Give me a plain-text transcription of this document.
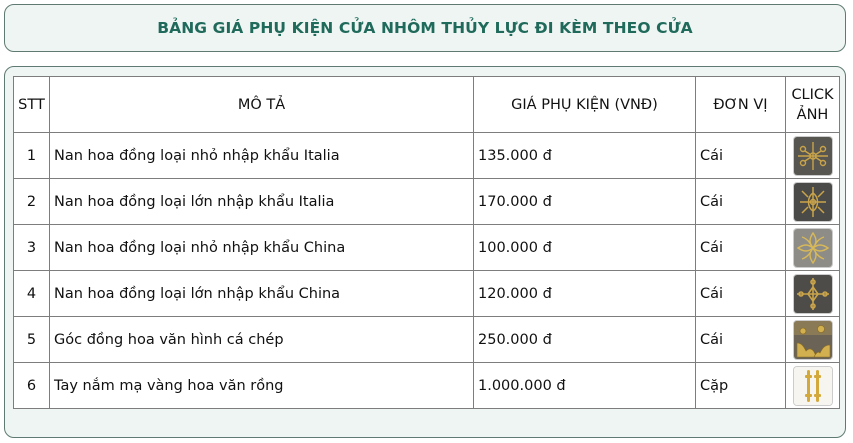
BẢNG GIÁ PHỤ KIỆN CỬA NHÔM THỦY LỰC ĐI KÈM THEO CỬA
STT	MÔ TẢ	GIÁ PHỤ KIỆN (VNĐ)	ĐƠN VỊ	CLICK
ẢNH
1	Nan hoa đồng loại nhỏ nhập khẩu Italia	135.000 đ	Cái	

2	Nan hoa đồng loại lớn nhập khẩu Italia	170.000 đ	Cái	

3	Nan hoa đồng loại nhỏ nhập khẩu China	100.000 đ	Cái	

4	Nan hoa đồng loại lớn nhập khẩu China	120.000 đ	Cái	

5	Góc đồng hoa văn hình cá chép	250.000 đ	Cái	

6	Tay nắm mạ vàng hoa văn rồng	1.000.000 đ	Cặp	
